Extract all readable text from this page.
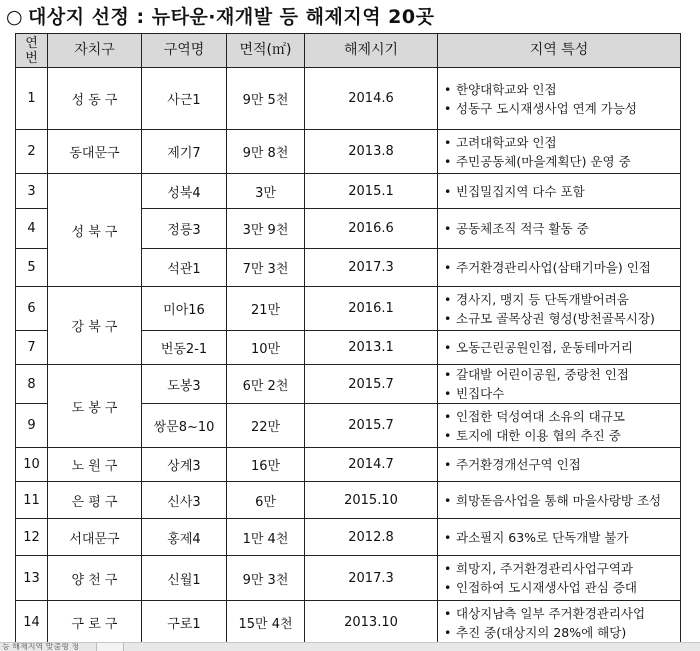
○ 대상지 선정 : 뉴타운·재개발 등 해제지역 20곳
연번	자치구	구역명	면적(㎡)	해제시기	지역 특성
1	성 동 구	사근1	9만 5천	2014.6	• 한양대학교와 인접
• 성동구 도시재생사업 연계 가능성

2	동대문구	제기7	9만 8천	2013.8	• 고려대학교와 인접
• 주민공동체(마을계획단) 운영 중

3	성 북 구	성북4	3만	2015.1	• 빈집밀집지역 다수 포함

4		정릉3	3만 9천	2016.6	• 공동체조직 적극 활동 중

5		석관1	7만 3천	2017.3	• 주거환경관리사업(삼태기마을) 인접

6	강 북 구	미아16	21만	2016.1	• 경사지, 맹지 등 단독개발어려움
• 소규모 골목상권 형성(방천골목시장)

7		번동2-1	10만	2013.1	• 오동근린공원인접, 운동테마거리

8	도 봉 구	도봉3	6만 2천	2015.7	• 갈대발 어린이공원, 중랑천 인접
• 빈집다수

9		쌍문8~10	22만	2015.7	• 인접한 덕성여대 소유의 대규모
• 토지에 대한 이용 협의 추진 중

10	노 원 구	상계3	16만	2014.7	• 주거환경개선구역 인접

11	은 평 구	신사3	6만	2015.10	• 희망돋음사업을 통해 마을사랑방 조성

12	서대문구	홍제4	1만 4천	2012.8	• 과소필지 63%로 단독개발 불가

13	양 천 구	신월1	9만 3천	2017.3	• 희망지, 주거환경관리사업구역과
• 인접하여 도시재생사업 관심 증대

14	구 로 구	구로1	15만 4천	2013.10	• 대상지남측 일부 주거환경관리사업
• 추진 중(대상지의 28%에 해당)
등 해제지역 맞춤형 청
